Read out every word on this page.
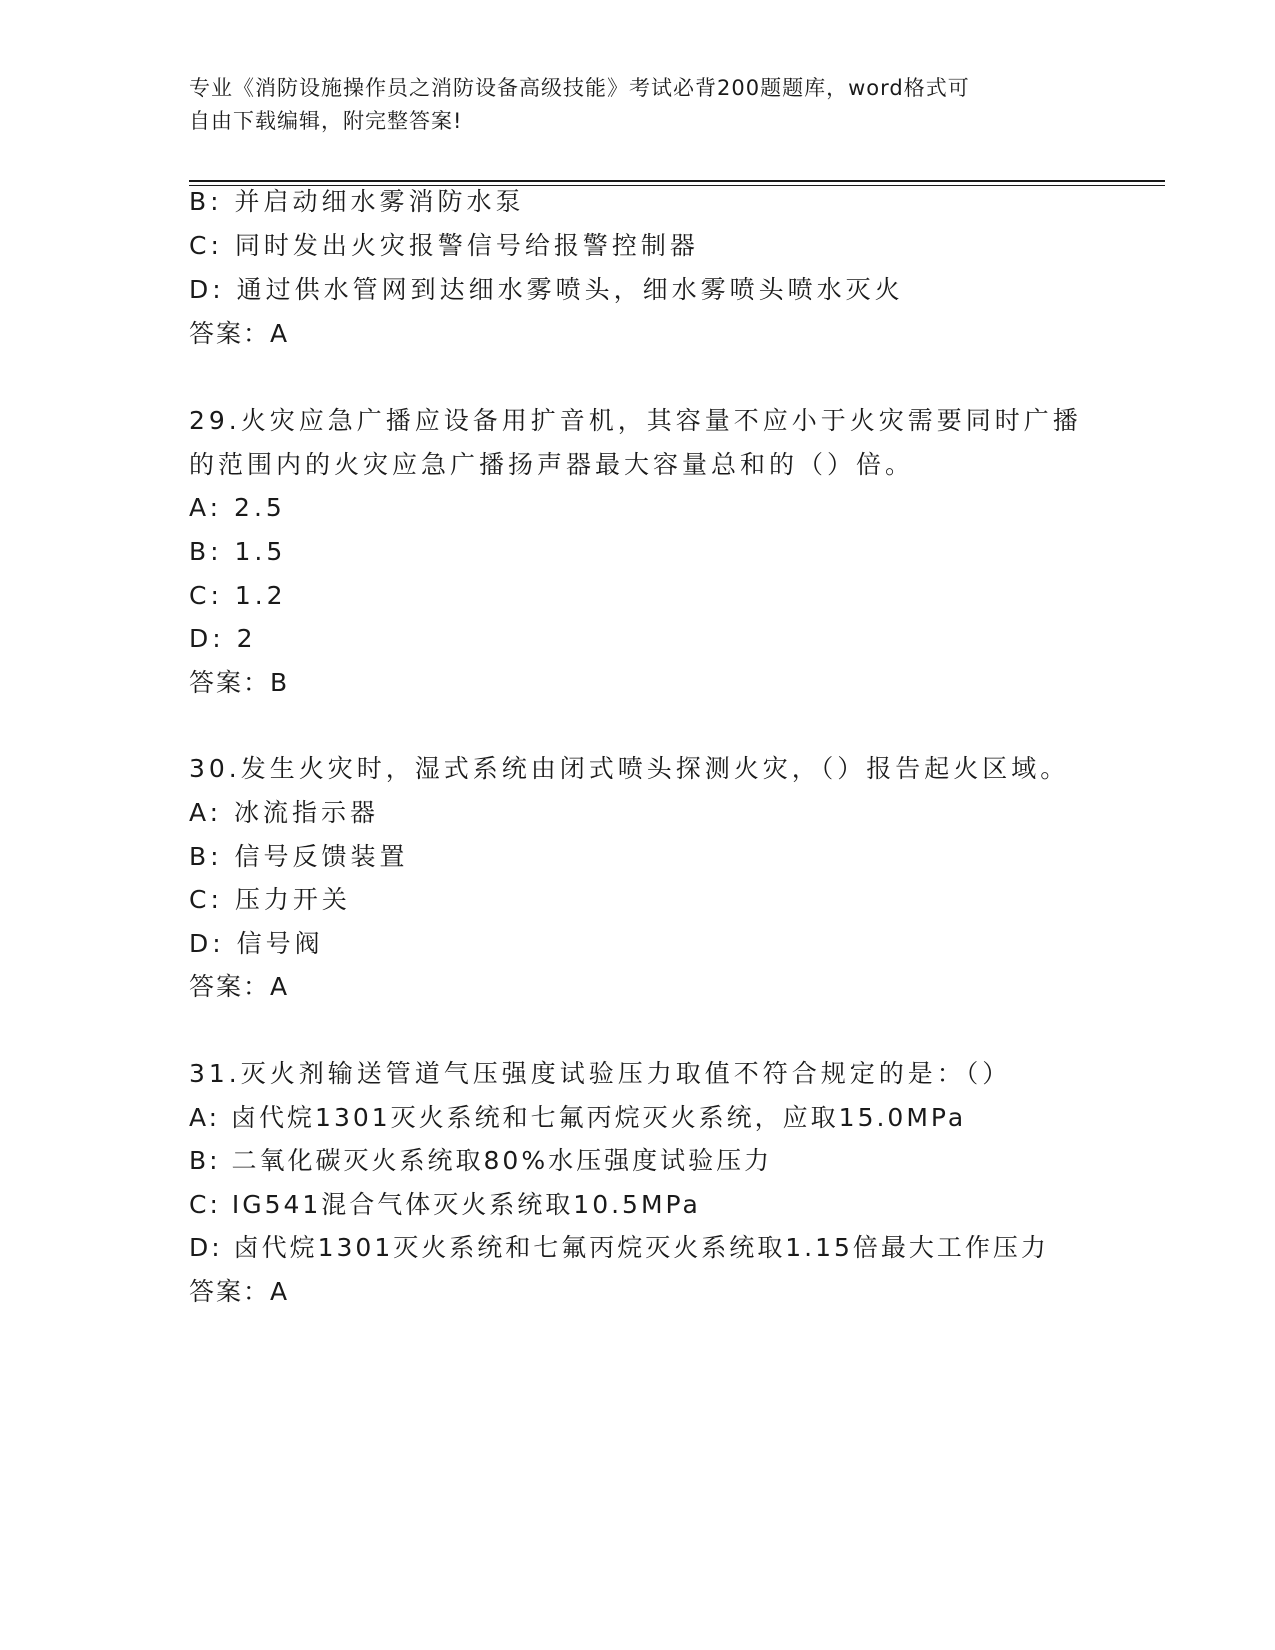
专业《消防设施操作员之消防设备高级技能》考试必背200题题库，word格式可
自由下载编辑，附完整答案!
B: 并启动细水雾消防水泵
C: 同时发出火灾报警信号给报警控制器
D: 通过供水管网到达细水雾喷头，细水雾喷头喷水灭火
答案：A
29.火灾应急广播应设备用扩音机，其容量不应小于火灾需要同时广播
的范围内的火灾应急广播扬声器最大容量总和的（）倍。
A: 2.5
B: 1.5
C: 1.2
D: 2
答案：B
30.发生火灾时，湿式系统由闭式喷头探测火灾，（）报告起火区域。
A: 冰流指示器
B: 信号反馈装置
C: 压力开关
D: 信号阀
答案：A
31.灭火剂输送管道气压强度试验压力取值不符合规定的是：（）
A: 卤代烷1301灭火系统和七氟丙烷灭火系统，应取15.0MPa
B: 二氧化碳灭火系统取80%水压强度试验压力
C: IG541混合气体灭火系统取10.5MPa
D: 卤代烷1301灭火系统和七氟丙烷灭火系统取1.15倍最大工作压力
答案：A
